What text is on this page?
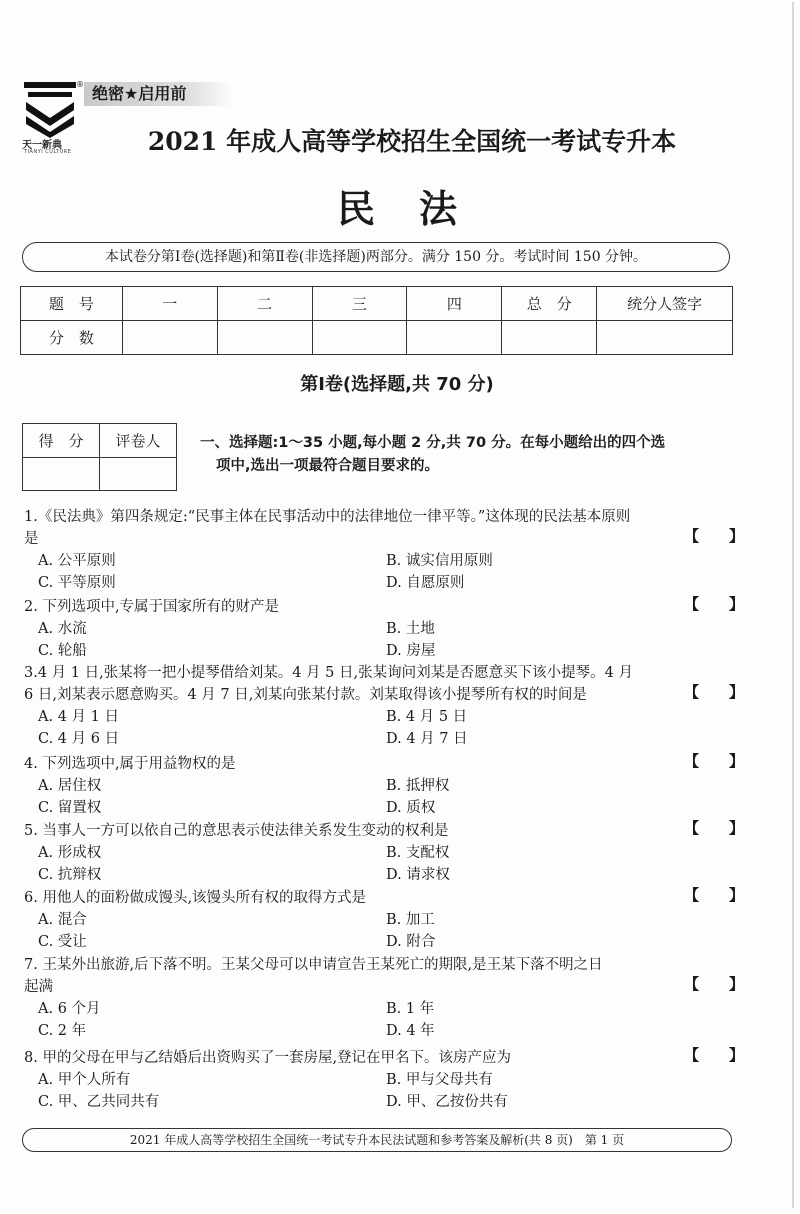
®
天一新典
TIANYI CULTURE
绝密★启用前
2021 年成人高等学校招生全国统一考试专升本
民法
本试卷分第Ⅰ卷(选择题)和第Ⅱ卷(非选择题)两部分。满分 150 分。考试时间 150 分钟。
题　号	一	二	三	四	总　分	统分人签字
分　数						
第Ⅰ卷(选择题,共 70 分)
得　分	评卷人
		一、选择题:1～35 小题,每小题 2 分,共 70 分。在每小题给出的四个选
项中,选出一项最符合题目要求的。
1.《民法典》第四条规定:“民事主体在民事活动中的法律地位一律平等。”这体现的民法基本原则
是	【　　】
A. 公平原则	B. 诚实信用原则
C. 平等原则	D. 自愿原则
2. 下列选项中,专属于国家所有的财产是	【　　】
A. 水流	B. 土地
C. 轮船	D. 房屋
3.4 月 1 日,张某将一把小提琴借给刘某。4 月 5 日,张某询问刘某是否愿意买下该小提琴。4 月
6 日,刘某表示愿意购买。4 月 7 日,刘某向张某付款。刘某取得该小提琴所有权的时间是	【　　】
A. 4 月 1 日	B. 4 月 5 日
C. 4 月 6 日	D. 4 月 7 日
4. 下列选项中,属于用益物权的是	【　　】
A. 居住权	B. 抵押权
C. 留置权	D. 质权
5. 当事人一方可以依自己的意思表示使法律关系发生变动的权利是	【　　】
A. 形成权	B. 支配权
C. 抗辩权	D. 请求权
6. 用他人的面粉做成馒头,该馒头所有权的取得方式是	【　　】
A. 混合	B. 加工
C. 受让	D. 附合
7. 王某外出旅游,后下落不明。王某父母可以申请宣告王某死亡的期限,是王某下落不明之日
起满	【　　】
A. 6 个月	B. 1 年
C. 2 年	D. 4 年
8. 甲的父母在甲与乙结婚后出资购买了一套房屋,登记在甲名下。该房产应为	【　　】
A. 甲个人所有	B. 甲与父母共有
C. 甲、乙共同共有	D. 甲、乙按份共有
2021 年成人高等学校招生全国统一考试专升本民法试题和参考答案及解析(共 8 页)　第 1 页
